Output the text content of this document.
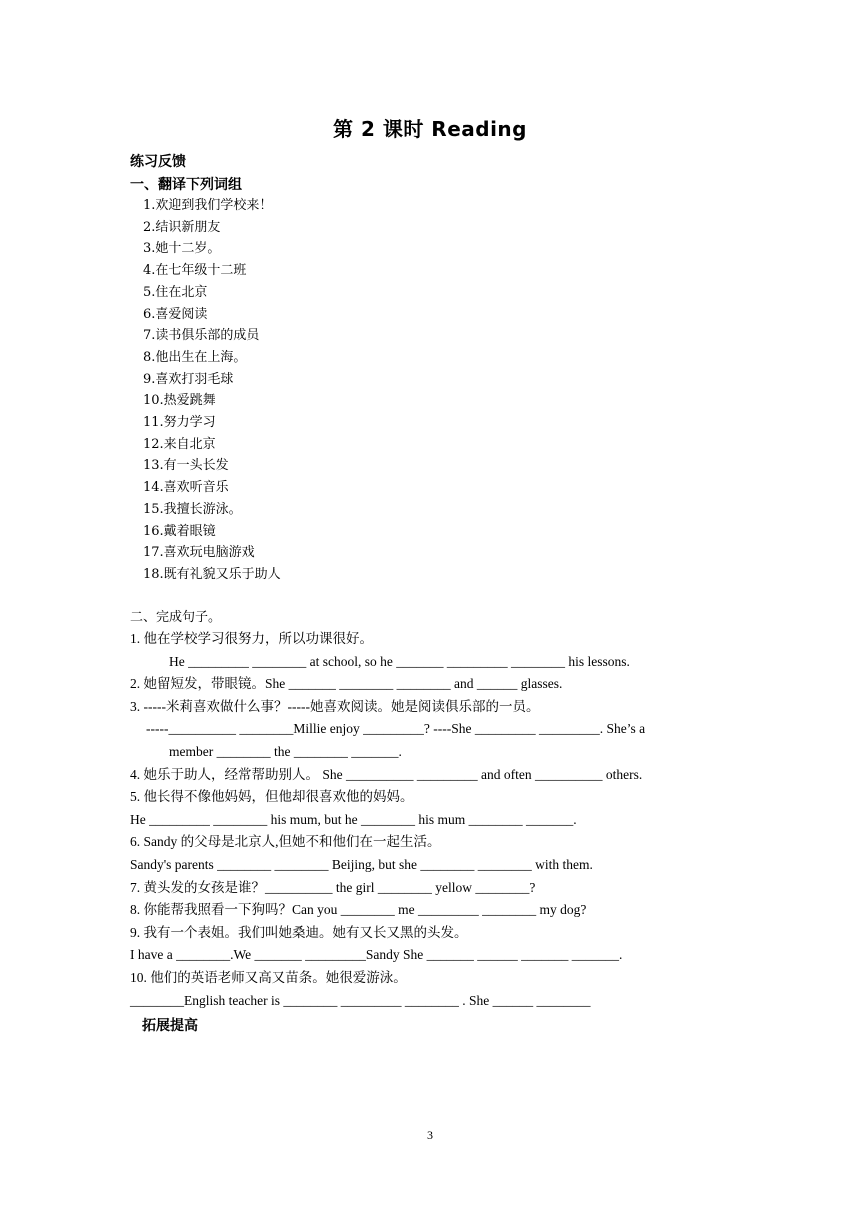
第 2 课时 Reading
练习反馈
一、翻译下列词组
1.欢迎到我们学校来！
2.结识新朋友
3.她十二岁。
4.在七年级十二班
5.住在北京
6.喜爱阅读
7.读书俱乐部的成员
8.他出生在上海。
9.喜欢打羽毛球
10.热爱跳舞
11.努力学习
12.来自北京
13.有一头长发
14.喜欢听音乐
15.我擅长游泳。
16.戴着眼镜
17.喜欢玩电脑游戏
18.既有礼貌又乐于助人
二、完成句子。
1. 他在学校学习很努力，所以功课很好。
He _________ ________ at school, so he _______ _________ ________ his lessons.
2. 她留短发，带眼镜。She _______ ________ ________ and ______ glasses.
3. -----米莉喜欢做什么事？-----她喜欢阅读。她是阅读俱乐部的一员。
-----__________ ________Millie enjoy _________? ----She _________ _________. She’s a
member ________ the ________ _______.
4. 她乐于助人，经常帮助别人。 She __________ _________ and often __________ others.
5. 他长得不像他妈妈，但他却很喜欢他的妈妈。
He _________ ________ his mum, but he ________ his mum ________ _______.
6. Sandy 的父母是北京人,但她不和他们在一起生活。
Sandy's parents ________ ________ Beijing, but she ________ ________ with them.
7. 黄头发的女孩是谁？__________ the girl ________ yellow ________?
8. 你能帮我照看一下狗吗？Can you ________ me _________ ________ my dog?
9. 我有一个表姐。我们叫她桑迪。她有又长又黑的头发。
I have a ________.We _______ _________Sandy She _______ ______ _______ _______.
10. 他们的英语老师又高又苗条。她很爱游泳。
________English teacher is ________ _________ ________ . She ______ ________
拓展提高
3
